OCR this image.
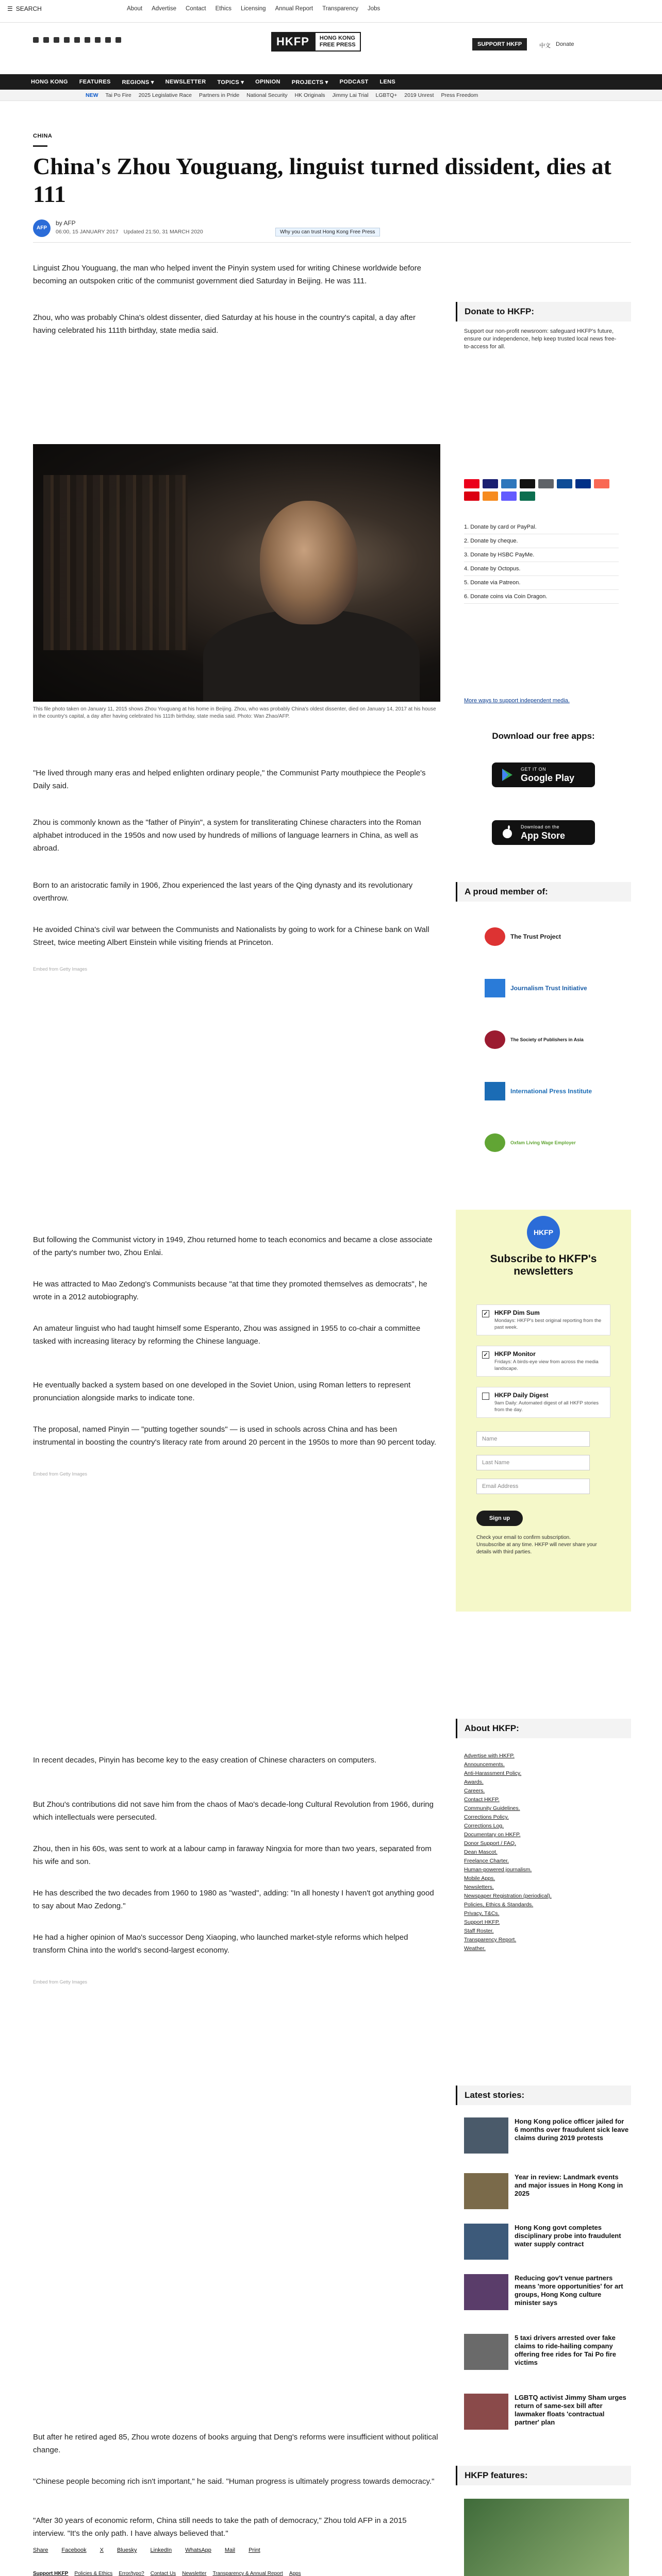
☰ SEARCH	About Advertise Contact Ethics Licensing Annual Report Transparency Jobs
HKFP	HONG KONG
FREE PRESS	SUPPORT HKFP	中文 Donate
HONG KONG FEATURES REGIONS ▾ NEWSLETTER TOPICS ▾ OPINION PROJECTS ▾ PODCAST LENS
NEW Tai Po Fire 2025 Legislative Race Partners in Pride National Security HK Originals Jimmy Lai Trial LGBTQ+ 2019 Unrest Press Freedom
CHINA
China's Zhou Youguang, linguist turned dissident, dies at 111
AFP
by AFP
06:00, 15 JANUARY 2017 Updated 21:50, 31 MARCH 2020	Why you can trust Hong Kong Free Press

Linguist Zhou Youguang, the man who helped invent the Pinyin system used for writing Chinese worldwide before becoming an outspoken critic of the communist government died Saturday in Beijing. He was 111.

Zhou, who was probably China's oldest dissenter, died Saturday at his house in the country's capital, a day after having celebrated his 111th birthday, state media said.

This file photo taken on January 11, 2015 shows Zhou Youguang at his home in Beijing. Zhou, who was probably China's oldest dissenter, died on January 14, 2017 at his house in the country's capital, a day after having celebrated his 111th birthday, state media said. Photo: Wan Zhao/AFP.

"He lived through many eras and helped enlighten ordinary people," the Communist Party mouthpiece the People's Daily said.

Zhou is commonly known as the "father of Pinyin", a system for transliterating Chinese characters into the Roman alphabet introduced in the 1950s and now used by hundreds of millions of language learners in China, as well as abroad.

Born to an aristocratic family in 1906, Zhou experienced the last years of the Qing dynasty and its revolutionary overthrow.

He avoided China's civil war between the Communists and Nationalists by going to work for a Chinese bank on Wall Street, twice meeting Albert Einstein while visiting friends at Princeton.

Embed from Getty Images

But following the Communist victory in 1949, Zhou returned home to teach economics and became a close associate of the party's number two, Zhou Enlai.

He was attracted to Mao Zedong's Communists because "at that time they promoted themselves as democrats", he wrote in a 2012 autobiography.

An amateur linguist who had taught himself some Esperanto, Zhou was assigned in 1955 to co-chair a committee tasked with increasing literacy by reforming the Chinese language.

He eventually backed a system based on one developed in the Soviet Union, using Roman letters to represent pronunciation alongside marks to indicate tone.

The proposal, named Pinyin — "putting together sounds" — is used in schools across China and has been instrumental in boosting the country's literacy rate from around 20 percent in the 1950s to more than 90 percent today.

Embed from Getty Images

In recent decades, Pinyin has become key to the easy creation of Chinese characters on computers.

But Zhou's contributions did not save him from the chaos of Mao's decade-long Cultural Revolution from 1966, during which intellectuals were persecuted.

Zhou, then in his 60s, was sent to work at a labour camp in faraway Ningxia for more than two years, separated from his wife and son.

He has described the two decades from 1960 to 1980 as "wasted", adding: "In all honesty I haven't got anything good to say about Mao Zedong."

He had a higher opinion of Mao's successor Deng Xiaoping, who launched market-style reforms which helped transform China into the world's second-largest economy.

Embed from Getty Images

But after he retired aged 85, Zhou wrote dozens of books arguing that Deng's reforms were insufficient without political change.

"Chinese people becoming rich isn't important," he said. "Human progress is ultimately progress towards democracy."

"After 30 years of economic reform, China still needs to take the path of democracy," Zhou told AFP in a 2015 interview. "It's the only path. I have always believed that."

Share Facebook X Bluesky LinkedIn WhatsApp Mail Print
Support HKFP Policies & Ethics Error/typo? Contact Us Newsletter Transparency & Annual Report Apps

Donate to HKFP:

Support our non-profit newsroom: safeguard HKFP's future, ensure our independence, help keep trusted local news free-to-access for all.

1. Donate by card or PayPal.
2. Donate by cheque.
3. Donate by HSBC PayMe.
4. Donate by Octopus.
5. Donate via Patreon.
6. Donate coins via Coin Dragon.
More ways to support independent media.
Download our free apps:
GET IT ON
Google Play
Download on the
App Store
A proud member of:
The Trust Project
Journalism Trust Initiative
The Society of Publishers in Asia
International Press Institute
Oxfam Living Wage Employer
HKFP
Subscribe to HKFP's newsletters
✓ HKFP Dim Sum
Mondays: HKFP's best original reporting from the past week.
✓ HKFP Monitor
Fridays: A birds-eye view from across the media landscape.
HKFP Daily Digest
9am Daily: Automated digest of all HKFP stories from the day.
Name
Last Name
Email Address
Sign up

Check your email to confirm subscription. Unsubscribe at any time. HKFP will never share your details with third parties.

About HKFP:
Advertise with HKFP.
Announcements.
Anti-Harassment Policy.
Awards.
Careers.
Contact HKFP.
Community Guidelines.
Corrections Policy.
Corrections Log.
Documentary on HKFP.
Donor Support / FAQ.
Dean Mascot.
Freelance Charter.
Human-powered journalism.
Mobile Apps.
Newsletters.
Newspaper Registration (periodical).
Policies, Ethics & Standards.
Privacy, T&Cs.
Support HKFP.
Staff Roster.
Transparency Report.
Weather.
Latest stories:
Hong Kong police officer jailed for 6 months over fraudulent sick leave claims during 2019 protests
Year in review: Landmark events and major issues in Hong Kong in 2025
Hong Kong govt completes disciplinary probe into fraudulent water supply contract
Reducing gov't venue partners means 'more opportunities' for art groups, Hong Kong culture minister says
5 taxi drivers arrested over fake claims to ride-hailing company offering free rides for Tai Po fire victims
LGBTQ activist Jimmy Sham urges return of same-sex bill after lawmaker floats 'contractual partner' plan
HKFP features:
